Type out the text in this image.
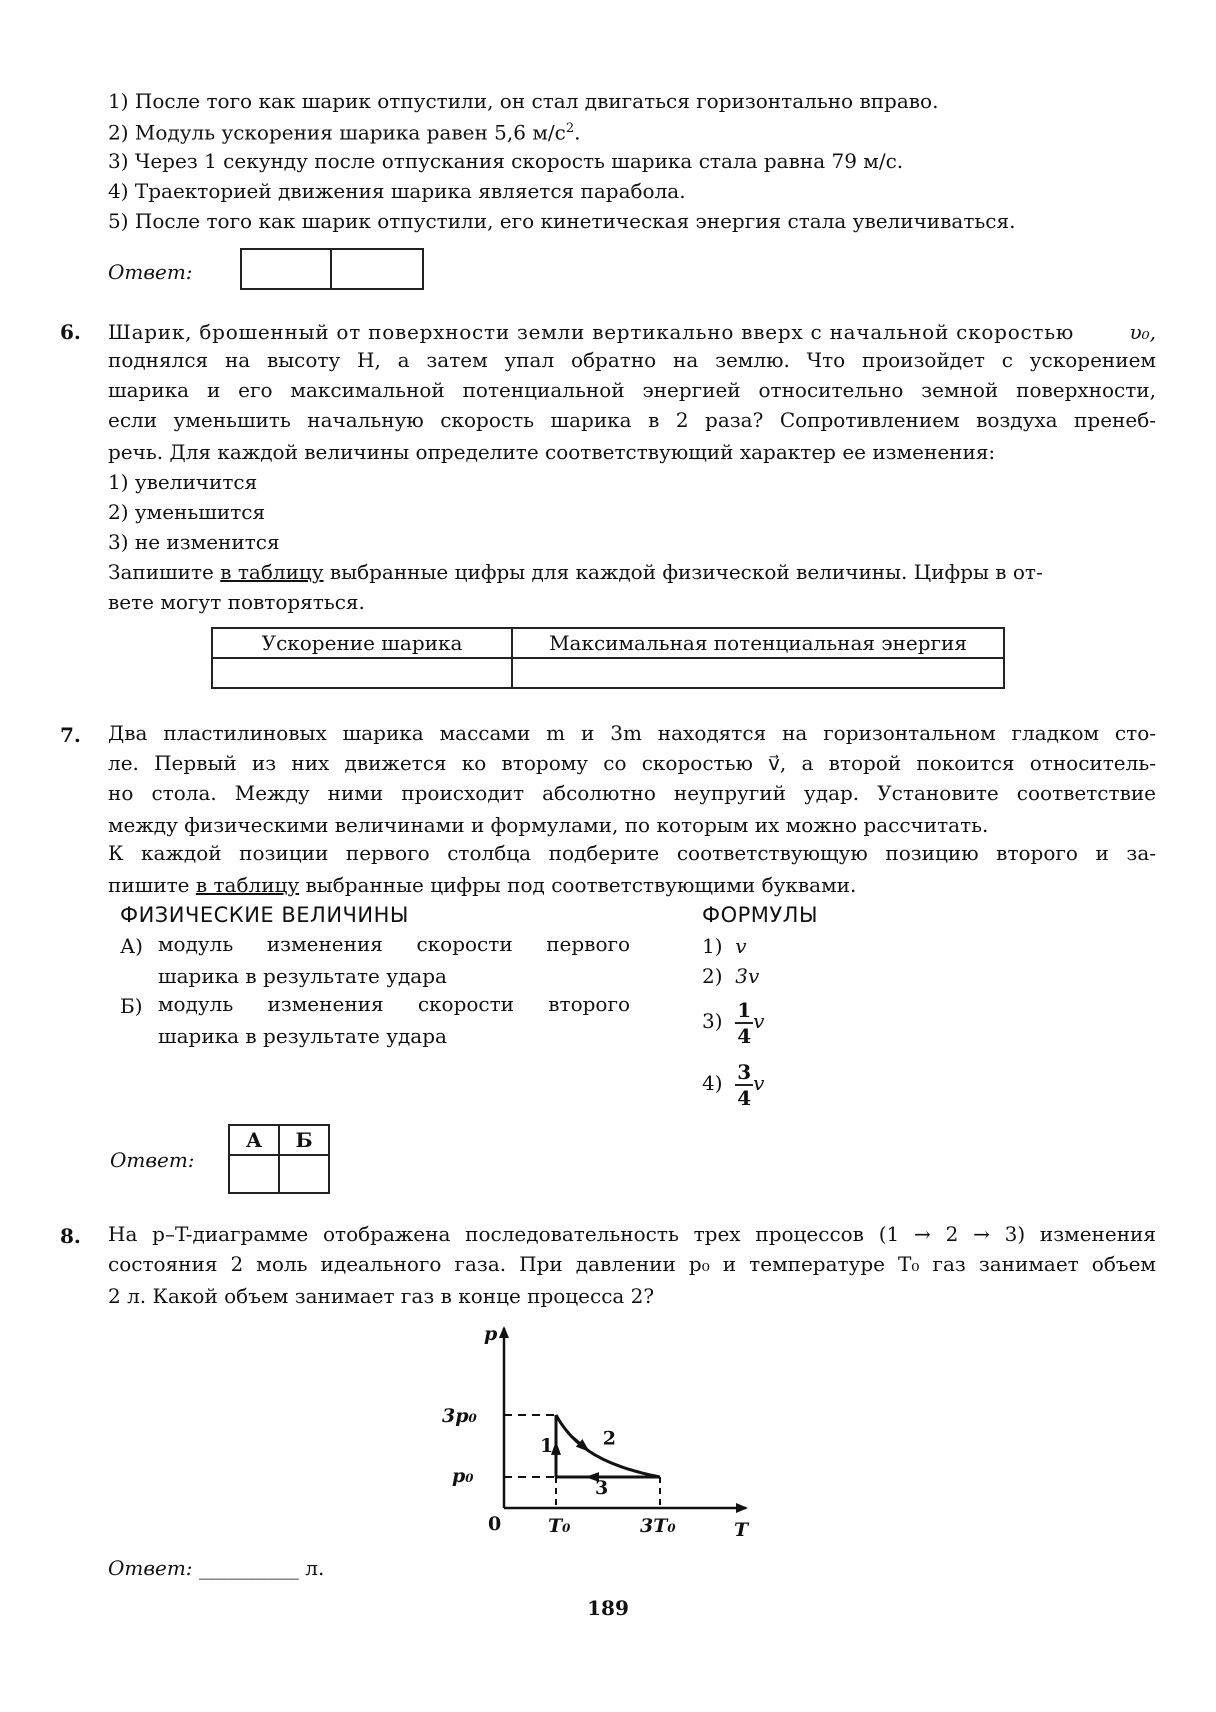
1) После того как шарик отпустили, он стал двигаться горизонтально вправо.
2) Модуль ускорения шарика равен 5,6 $м/с^2$.
3) Через 1 секунду после отпускания скорость шарика стала равна 79 м/с.
4) Траекторией движения шарика является парабола.
5) После того как шарик отпустили, его кинетическая энергия стала увеличиваться.
Ответ:
6. Шарик, брошенный от поверхности земли вертикально вверх с начальной скоростью	υ₀,
поднялся на высоту H, а затем упал обратно на землю. Что произойдет с ускорением
шарика и его максимальной потенциальной энергией относительно земной поверхности,
если уменьшить начальную скорость шарика в 2 раза? Сопротивлением воздуха пренеб-
речь. Для каждой величины определите соответствующий характер ее изменения:
1) увеличится
2) уменьшится
3) не изменится
Запишите в таблицу выбранные цифры для каждой физической величины. Цифры в от-
вете могут повторяться.
Ускорение шарика	Максимальная потенциальная энергия

7. Два пластилиновых шарика массами m и 3m находятся на горизонтальном гладком сто-
ле. Первый из них движется ко второму со скоростью v⃗, а второй покоится относитель-
но стола. Между ними происходит абсолютно неупругий удар. Установите соответствие
между физическими величинами и формулами, по которым их можно рассчитать.
К каждой позиции первого столбца подберите соответствующую позицию второго и за-
пишите в таблицу выбранные цифры под соответствующими буквами.
ФИЗИЧЕСКИЕ ВЕЛИЧИНЫ	ФОРМУЛЫ
А) модуль изменения скорости первого
шарика в результате удара
Б) модуль изменения скорости второго
шарика в результате удара
1) v
2) 3v
$3) \frac{1}{4}$ v
$4) \frac{3}{4}$ v
Ответ:
А	Б

8. На p–T-диаграмме отображена последовательность трех процессов (1 → 2 → 3) изменения
состояния 2 моль идеального газа. При давлении p₀ и температуре T₀ газ занимает объем
2 л. Какой объем занимает газ в конце процесса 2?
p
T
0
3p₀
p₀
T₀	3T₀
1	2
3
Ответ: __________ л.
189
